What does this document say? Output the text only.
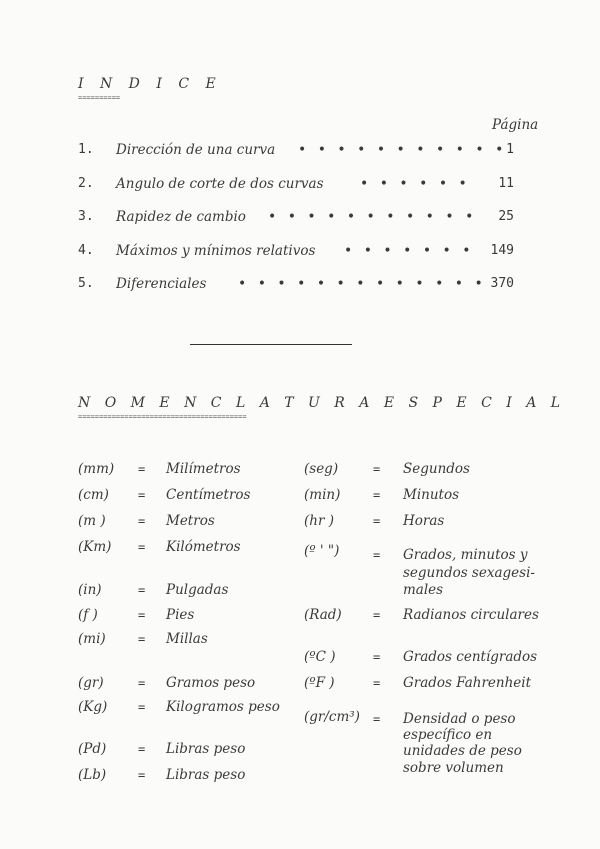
I N D I C E
==========
Página
1. Dirección de una curva • • • • • • • • • • • 1
2. Angulo de corte de dos curvas	• • • • • •	11
3. Rapidez de cambio • • • • • • • • • • •	25
4. Máximos y mínimos relativos • • • • • • •	149
5. Diferenciales • • • • • • • • • • • • • 370
N O M E N C L A T U R A E S P E C I A L
========================================
(mm) = Milímetros
(cm) = Centímetros
(m )	= Metros
(Km) = Kilómetros
(in)	= Pulgadas
(f )	= Pies
(mi)	= Millas
(gr)	= Gramos peso
(Kg)	= Kilogramos peso
(Pd)	= Libras peso
(Lb)	= Libras peso
(seg)	= Segundos
(min)	= Minutos
(hr )	= Horas
(º ' ")	= Grados, minutos y
segundos sexagesi-
males
(Rad)	= Radianos circulares
(ºC )	= Grados centígrados
(ºF )	= Grados Fahrenheit
(gr/cm³) = Densidad o peso
específico en
unidades de peso
sobre volumen
